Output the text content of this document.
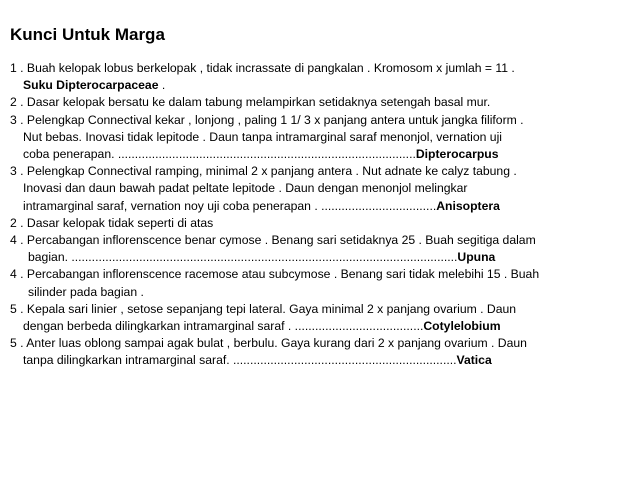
Kunci Untuk Marga
1 . Buah kelopak lobus berkelopak , tidak incrassate di pangkalan . Kromosom x jumlah = 11 .
Suku Dipterocarpaceae .
2 . Dasar kelopak bersatu ke dalam tabung melampirkan setidaknya setengah basal mur.
3 . Pelengkap Connectival kekar , lonjong , paling 1 1/ 3 x panjang antera untuk jangka filiform .
Nut bebas. Inovasi tidak lepitode . Daun tanpa intramarginal saraf menonjol, vernation uji
coba penerapan. ........................................................................................Dipterocarpus
3 . Pelengkap Connectival ramping, minimal 2 x panjang antera . Nut adnate ke calyz tabung .
Inovasi dan daun bawah padat peltate lepitode . Daun dengan menonjol melingkar
intramarginal saraf, vernation noy uji coba penerapan . ..................................Anisoptera
2 . Dasar kelopak tidak seperti di atas
4 . Percabangan inflorenscence benar cymose . Benang sari setidaknya 25 . Buah segitiga dalam
bagian. ..................................................................................................................Upuna
4 . Percabangan inflorenscence racemose atau subcymose . Benang sari tidak melebihi 15 . Buah
silinder pada bagian .
5 . Kepala sari linier , setose sepanjang tepi lateral. Gaya minimal 2 x panjang ovarium . Daun
dengan berbeda dilingkarkan intramarginal saraf . ......................................Cotylelobium
5 . Anter luas oblong sampai agak bulat , berbulu. Gaya kurang dari 2 x panjang ovarium . Daun
tanpa dilingkarkan intramarginal saraf. ..................................................................Vatica
